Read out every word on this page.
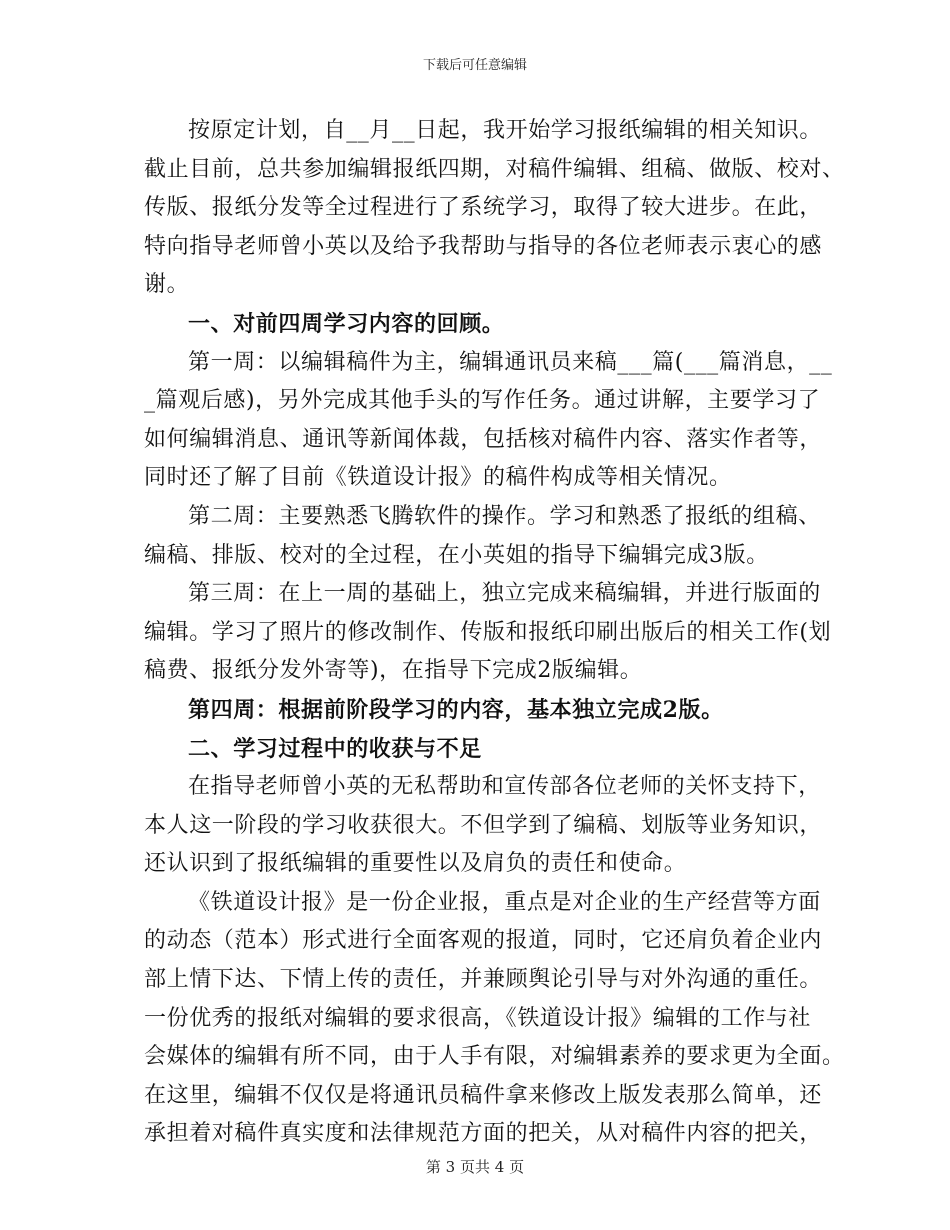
下载后可任意编辑
按原定计划，自__月__日起，我开始学习报纸编辑的相关知识。
截止目前，总共参加编辑报纸四期，对稿件编辑、组稿、做版、校对、
传版、报纸分发等全过程进行了系统学习，取得了较大进步。在此，
特向指导老师曾小英以及给予我帮助与指导的各位老师表示衷心的感
谢。
一、对前四周学习内容的回顾。
第一周：以编辑稿件为主，编辑通讯员来稿___篇(___篇消息，__
_篇观后感)，另外完成其他手头的写作任务。通过讲解，主要学习了
如何编辑消息、通讯等新闻体裁，包括核对稿件内容、落实作者等，
同时还了解了目前《铁道设计报》的稿件构成等相关情况。
第二周：主要熟悉飞腾软件的操作。学习和熟悉了报纸的组稿、
编稿、排版、校对的全过程，在小英姐的指导下编辑完成3版。
第三周：在上一周的基础上，独立完成来稿编辑，并进行版面的
编辑。学习了照片的修改制作、传版和报纸印刷出版后的相关工作(划
稿费、报纸分发外寄等)，在指导下完成2版编辑。
第四周：根据前阶段学习的内容，基本独立完成2版。
二、学习过程中的收获与不足
在指导老师曾小英的无私帮助和宣传部各位老师的关怀支持下，
本人这一阶段的学习收获很大。不但学到了编稿、划版等业务知识，
还认识到了报纸编辑的重要性以及肩负的责任和使命。
《铁道设计报》是一份企业报，重点是对企业的生产经营等方面
的动态（范本）形式进行全面客观的报道，同时，它还肩负着企业内
部上情下达、下情上传的责任，并兼顾舆论引导与对外沟通的重任。
一份优秀的报纸对编辑的要求很高，《铁道设计报》编辑的工作与社
会媒体的编辑有所不同，由于人手有限，对编辑素养的要求更为全面。
在这里，编辑不仅仅是将通讯员稿件拿来修改上版发表那么简单，还
承担着对稿件真实度和法律规范方面的把关，从对稿件内容的把关，
第 3 页共 4 页
